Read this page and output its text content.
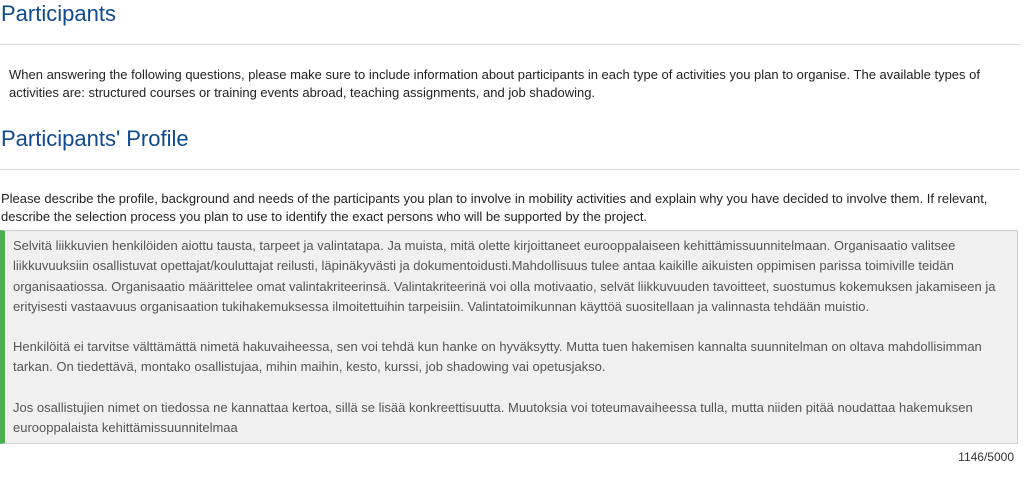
Participants

When answering the following questions, please make sure to include information about participants in each type of activities you plan to organise. The available types of activities are: structured courses or training events abroad, teaching assignments, and job shadowing.

Participants' Profile

Please describe the profile, background and needs of the participants you plan to involve in mobility activities and explain why you have decided to involve them. If relevant, describe the selection process you plan to use to identify the exact persons who will be supported by the project.

Selvitä liikkuvien henkilöiden aiottu tausta, tarpeet ja valintatapa. Ja muista, mitä olette kirjoittaneet eurooppalaiseen kehittämissuunnitelmaan. Organisaatio valitsee liikkuvuuksiin osallistuvat opettajat/kouluttajat reilusti, läpinäkyvästi ja dokumentoidusti.Mahdollisuus tulee antaa kaikille aikuisten oppimisen parissa toimiville teidän organisaatiossa. Organisaatio määrittelee omat valintakriteerinsä. Valintakriteerinä voi olla motivaatio, selvät liikkuvuuden tavoitteet, suostumus kokemuksen jakamiseen ja erityisesti vastaavuus organisaation tukihakemuksessa ilmoitettuihin tarpeisiin. Valintatoimikunnan käyttöä suositellaan ja valinnasta tehdään muistio.

Henkilöitä ei tarvitse välttämättä nimetä hakuvaiheessa, sen voi tehdä kun hanke on hyväksytty. Mutta tuen hakemisen kannalta suunnitelman on oltava mahdollisimman tarkan. On tiedettävä, montako osallistujaa, mihin maihin, kesto, kurssi, job shadowing vai opetusjakso.

Jos osallistujien nimet on tiedossa ne kannattaa kertoa, sillä se lisää konkreettisuutta. Muutoksia voi toteumavaiheessa tulla, mutta niiden pitää noudattaa hakemuksen eurooppalaista kehittämissuunnitelmaa

1146/5000
